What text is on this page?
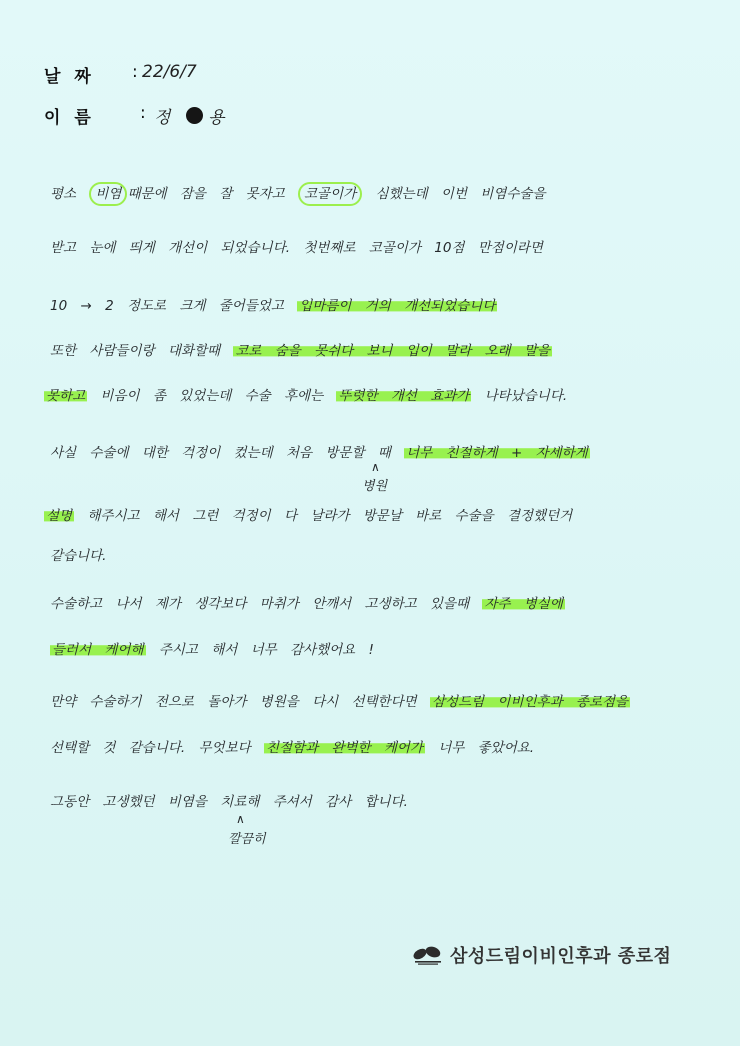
날 짜 : 22/6/7
이 름	: 정 용
평소 비염 때문에 잠을 잘 못자고 코골이가 심했는데 이번 비염수술을
받고 눈에 띄게 개선이 되었습니다. 첫번째로 코골이가 10점 만점이라면
10 → 2 정도로 크게 줄어들었고 입마름이 거의 개선되었습니다
또한 사람들이랑 대화할때 코로 숨을 못쉬다 보니 입이 말라 오래 말을
못하고 비음이 좀 있었는데 수술 후에는 뚜렷한 개선 효과가 나타났습니다.
사실 수술에 대한 걱정이 컸는데 처음 방문할 때 너무 친절하게 + 자세하게
∧
병원
설명 해주시고 해서 그런 걱정이 다 날라가 방문날 바로 수술을 결정했던거
같습니다.
수술하고 나서 제가 생각보다 마취가 안깨서 고생하고 있을때 자주 병실에
들러서 케어해 주시고 해서 너무 감사했어요 !
만약 수술하기 전으로 돌아가 병원을 다시 선택한다면 삼성드림 이비인후과 종로점을
선택할 것 같습니다. 무엇보다 친절함과 완벽한 케어가 너무 좋았어요.
그동안 고생했던 비염을 치료해 주셔서 감사 합니다.
∧
깔끔히
삼성드림이비인후과 종로점
